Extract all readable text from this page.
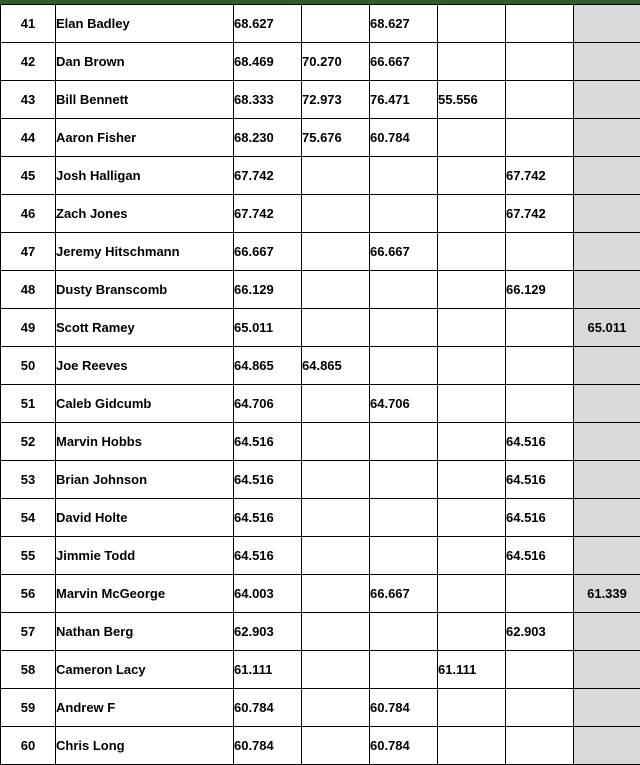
41	Elan Badley	68.627		68.627			
42	Dan Brown	68.469	70.270	66.667			
43	Bill Bennett	68.333	72.973	76.471	55.556		
44	Aaron Fisher	68.230	75.676	60.784			
45	Josh Halligan	67.742				67.742	
46	Zach Jones	67.742				67.742	
47	Jeremy Hitschmann	66.667		66.667			
48	Dusty Branscomb	66.129				66.129	
49	Scott Ramey	65.011					65.011
50	Joe Reeves	64.865	64.865				
51	Caleb Gidcumb	64.706		64.706			
52	Marvin Hobbs	64.516				64.516	
53	Brian Johnson	64.516				64.516	
54	David Holte	64.516				64.516	
55	Jimmie Todd	64.516				64.516	
56	Marvin McGeorge	64.003		66.667			61.339
57	Nathan Berg	62.903				62.903	
58	Cameron Lacy	61.111			61.111		
59	Andrew F	60.784		60.784			
60	Chris Long	60.784		60.784			
